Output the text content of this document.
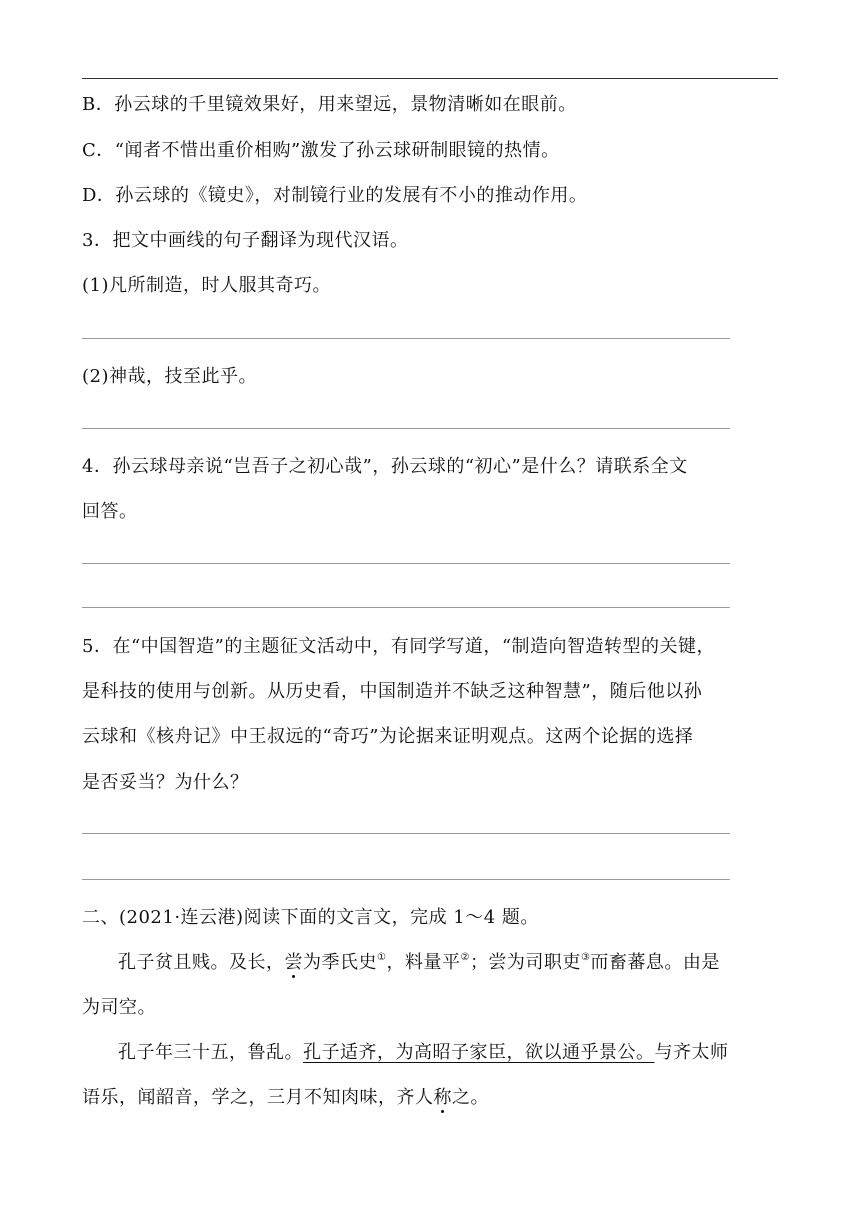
B．孙云球的千里镜效果好，用来望远，景物清晰如在眼前。
C．“闻者不惜出重价相购”激发了孙云球研制眼镜的热情。
D．孙云球的《镜史》，对制镜行业的发展有不小的推动作用。
3．把文中画线的句子翻译为现代汉语。
(1)凡所制造，时人服其奇巧。
(2)神哉，技至此乎。
4．孙云球母亲说“岂吾子之初心哉”，孙云球的“初心”是什么？请联系全文
回答。
5．在“中国智造”的主题征文活动中，有同学写道，“制造向智造转型的关键，
是科技的使用与创新。从历史看，中国制造并不缺乏这种智慧”，随后他以孙
云球和《核舟记》中王叔远的“奇巧”为论据来证明观点。这两个论据的选择
是否妥当？为什么？
二、(2021·连云港)阅读下面的文言文，完成 1～4 题。
孔子贫且贱。及长，尝为季氏史①，料量平②；尝为司职吏③而畜蕃息。由是
为司空。
孔子年三十五，鲁乱。孔子适齐，为高昭子家臣，欲以通乎景公。与齐太师
语乐，闻韶音，学之，三月不知肉味，齐人称之。
